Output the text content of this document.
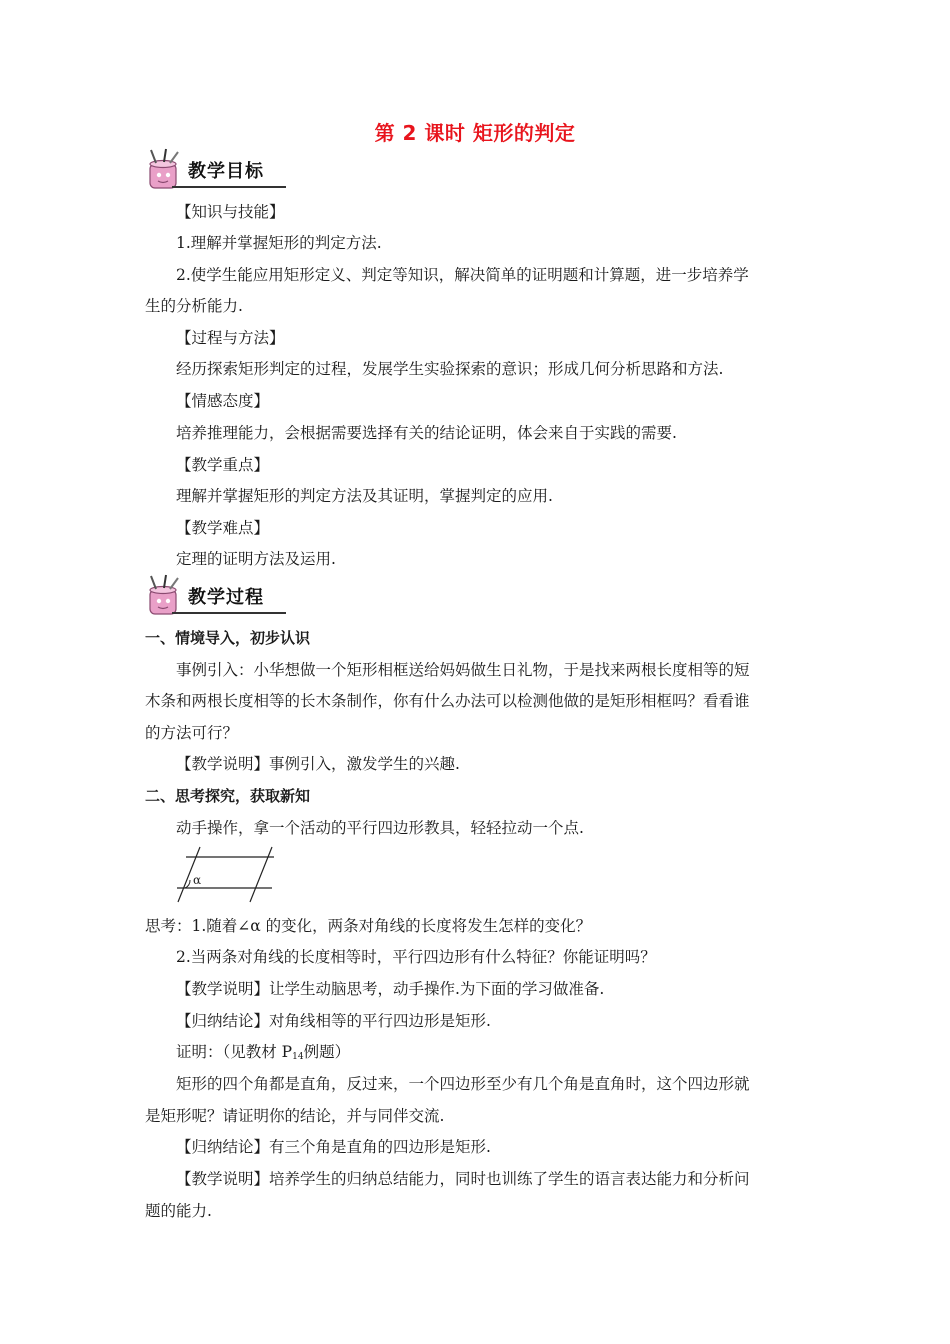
第 2 课时 矩形的判定
教学目标
【知识与技能】
1.理解并掌握矩形的判定方法.
2.使学生能应用矩形定义、判定等知识，解决简单的证明题和计算题，进一步培养学
生的分析能力.
【过程与方法】
经历探索矩形判定的过程，发展学生实验探索的意识；形成几何分析思路和方法.
【情感态度】
培养推理能力，会根据需要选择有关的结论证明，体会来自于实践的需要.
【教学重点】
理解并掌握矩形的判定方法及其证明，掌握判定的应用.
【教学难点】
定理的证明方法及运用.
教学过程
一、情境导入，初步认识
事例引入：小华想做一个矩形相框送给妈妈做生日礼物，于是找来两根长度相等的短
木条和两根长度相等的长木条制作，你有什么办法可以检测他做的是矩形相框吗？看看谁
的方法可行？
【教学说明】事例引入，激发学生的兴趣.
二、思考探究，获取新知
动手操作，拿一个活动的平行四边形教具，轻轻拉动一个点.
α
思考：1.随着∠α 的变化，两条对角线的长度将发生怎样的变化？
2.当两条对角线的长度相等时，平行四边形有什么特征？你能证明吗？
【教学说明】让学生动脑思考，动手操作.为下面的学习做准备.
【归纳结论】对角线相等的平行四边形是矩形.
证明：（见教材 $P_{14}$例题）
矩形的四个角都是直角，反过来，一个四边形至少有几个角是直角时，这个四边形就
是矩形呢？请证明你的结论，并与同伴交流.
【归纳结论】有三个角是直角的四边形是矩形.
【教学说明】培养学生的归纳总结能力，同时也训练了学生的语言表达能力和分析问
题的能力.
